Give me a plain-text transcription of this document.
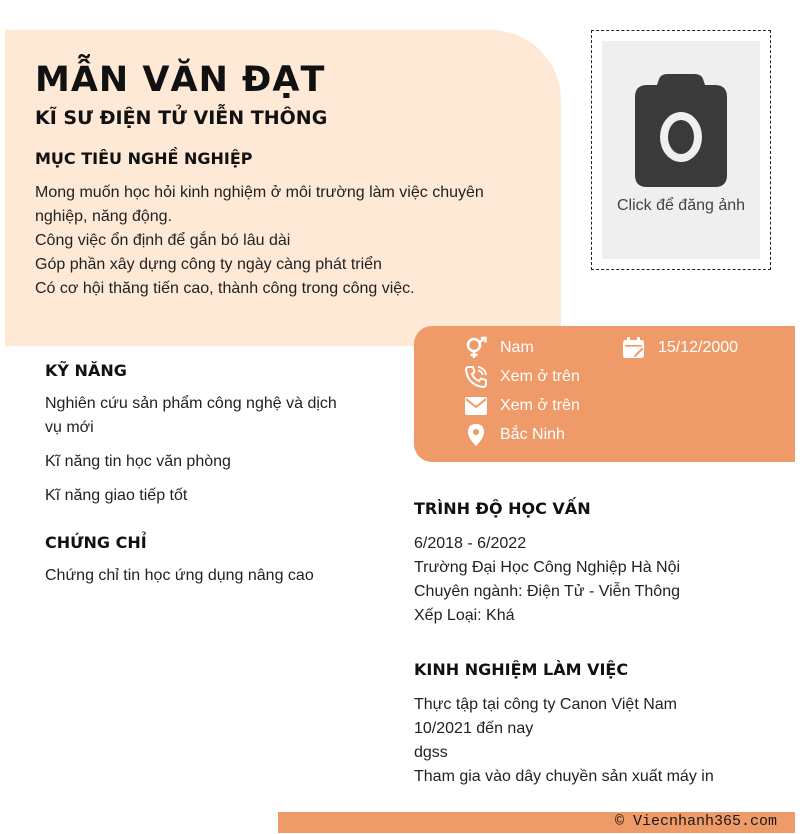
MẪN VĂN ĐẠT
KĨ SƯ ĐIỆN TỬ VIỄN THÔNG
MỤC TIÊU NGHỀ NGHIỆP
Mong muốn học hỏi kinh nghiệm ở môi trường làm việc chuyên nghiệp, năng động.
Công việc ổn định để gắn bó lâu dài
Góp phần xây dựng công ty ngày càng phát triển
Có cơ hội thăng tiến cao, thành công trong công việc.
Click để đăng ảnh
Nam	15/12/2000
Xem ở trên
Xem ở trên
Bắc Ninh
KỸ NĂNG
Nghiên cứu sản phẩm công nghệ và dịch vụ mới
Kĩ năng tin học văn phòng
Kĩ năng giao tiếp tốt
CHỨNG CHỈ
Chứng chỉ tin học ứng dụng nâng cao
TRÌNH ĐỘ HỌC VẤN
6/2018 - 6/2022
Trường Đại Học Công Nghiệp Hà Nội
Chuyên ngành: Điện Tử - Viễn Thông
Xếp Loại: Khá
KINH NGHIỆM LÀM VIỆC
Thực tập tại công ty Canon Việt Nam
10/2021 đến nay
dgss
Tham gia vào dây chuyền sản xuất máy in
© Viecnhanh365.com
